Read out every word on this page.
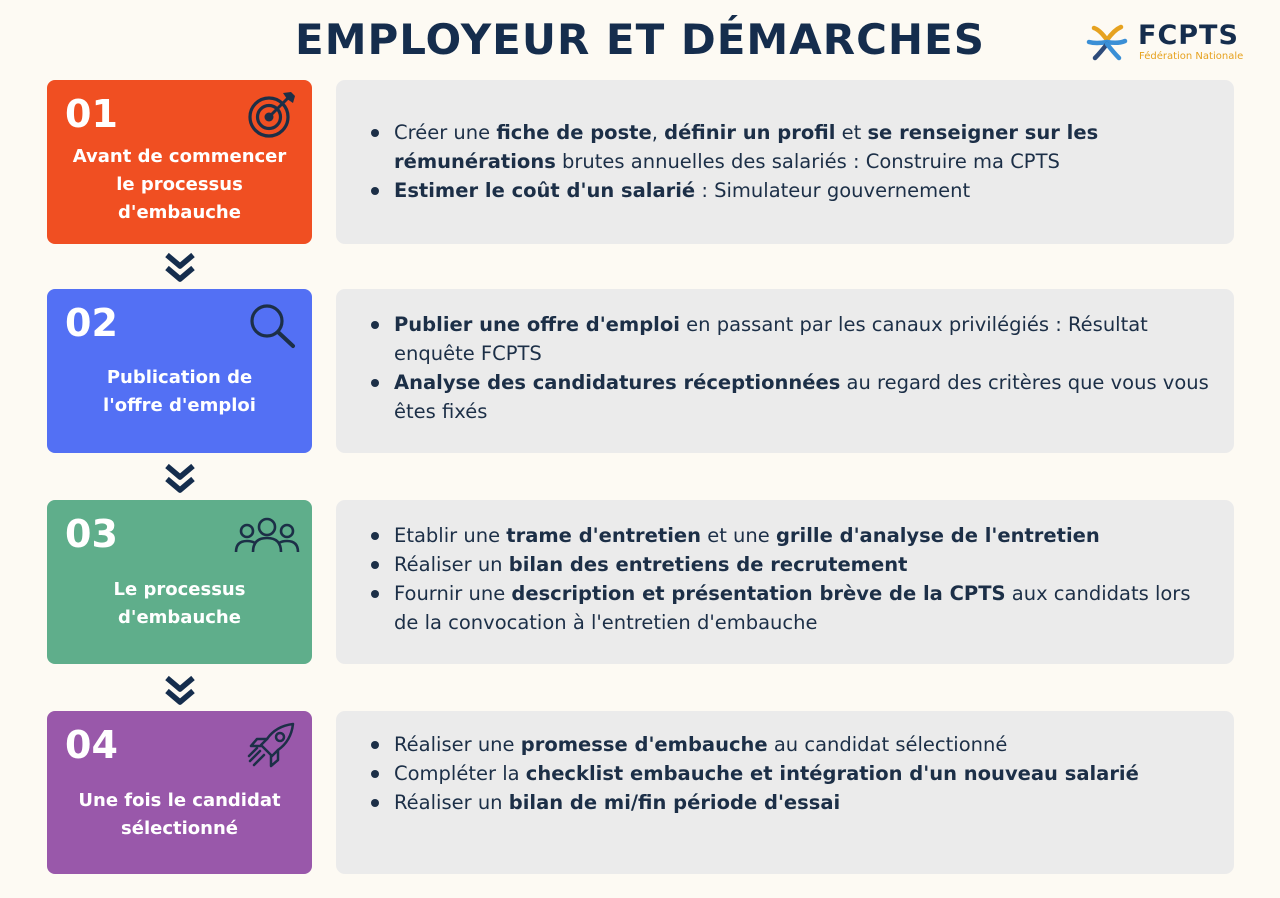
EMPLOYEUR ET DÉMARCHES	FCPTS
Fédération Nationale
01
Avant de commencer
le processus
d'embauche
Créer une fiche de poste, définir un profil et se renseigner sur les rémunérations brutes annuelles des salariés : Construire ma CPTS
Estimer le coût d'un salarié : Simulateur gouvernement
02
Publication de
l'offre d'emploi
Publier une offre d'emploi en passant par les canaux privilégiés : Résultat enquête FCPTS
Analyse des candidatures réceptionnées au regard des critères que vous vous êtes fixés
03
Le processus
d'embauche
Etablir une trame d'entretien et une grille d'analyse de l'entretien
Réaliser un bilan des entretiens de recrutement
Fournir une description et présentation brève de la CPTS aux candidats lors de la convocation à l'entretien d'embauche
04
Une fois le candidat
sélectionné
Réaliser une promesse d'embauche au candidat sélectionné
Compléter la checklist embauche et intégration d'un nouveau salarié
Réaliser un bilan de mi/fin période d'essai
